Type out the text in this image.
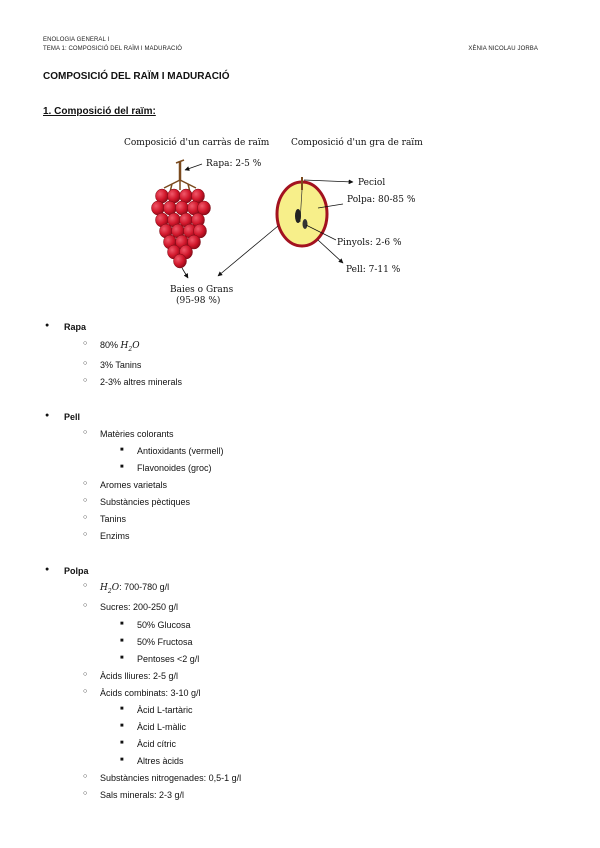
ENOLOGIA GENERAL I
TEMA 1: COMPOSICIÓ DEL RAÏM I MADURACIÓ	XÈNIA NICOLAU JORBA
COMPOSICIÓ DEL RAÏM I MADURACIÓ
1. Composició del raïm:
Composició d'un carràs de raïm Composició d'un gra de raïm
Rapa: 2-5 %
Baies o Grans
(95-98 %)
Peciol
Polpa: 80-85 %
Pinyols: 2-6 %
Pell: 7-11 %
● Rapa
○ 80% $H_2O$
○ 3% Tanins
○ 2-3% altres minerals
● Pell
○ Matèries colorants
■ Antioxidants (vermell)
■ Flavonoides (groc)
○ Aromes varietals
○ Substàncies pèctiques
○ Tanins
○ Enzims
● Polpa
○ $H_2O$: 700-780 g/l
○ Sucres: 200-250 g/l
■ 50% Glucosa
■ 50% Fructosa
■ Pentoses <2 g/l
○ Àcids lliures: 2-5 g/l
○ Àcids combinats: 3-10 g/l
■ Àcid L-tartàric
■ Àcid L-màlic
■ Àcid cítric
■ Altres àcids
○ Substàncies nitrogenades: 0,5-1 g/l
○ Sals minerals: 2-3 g/l
